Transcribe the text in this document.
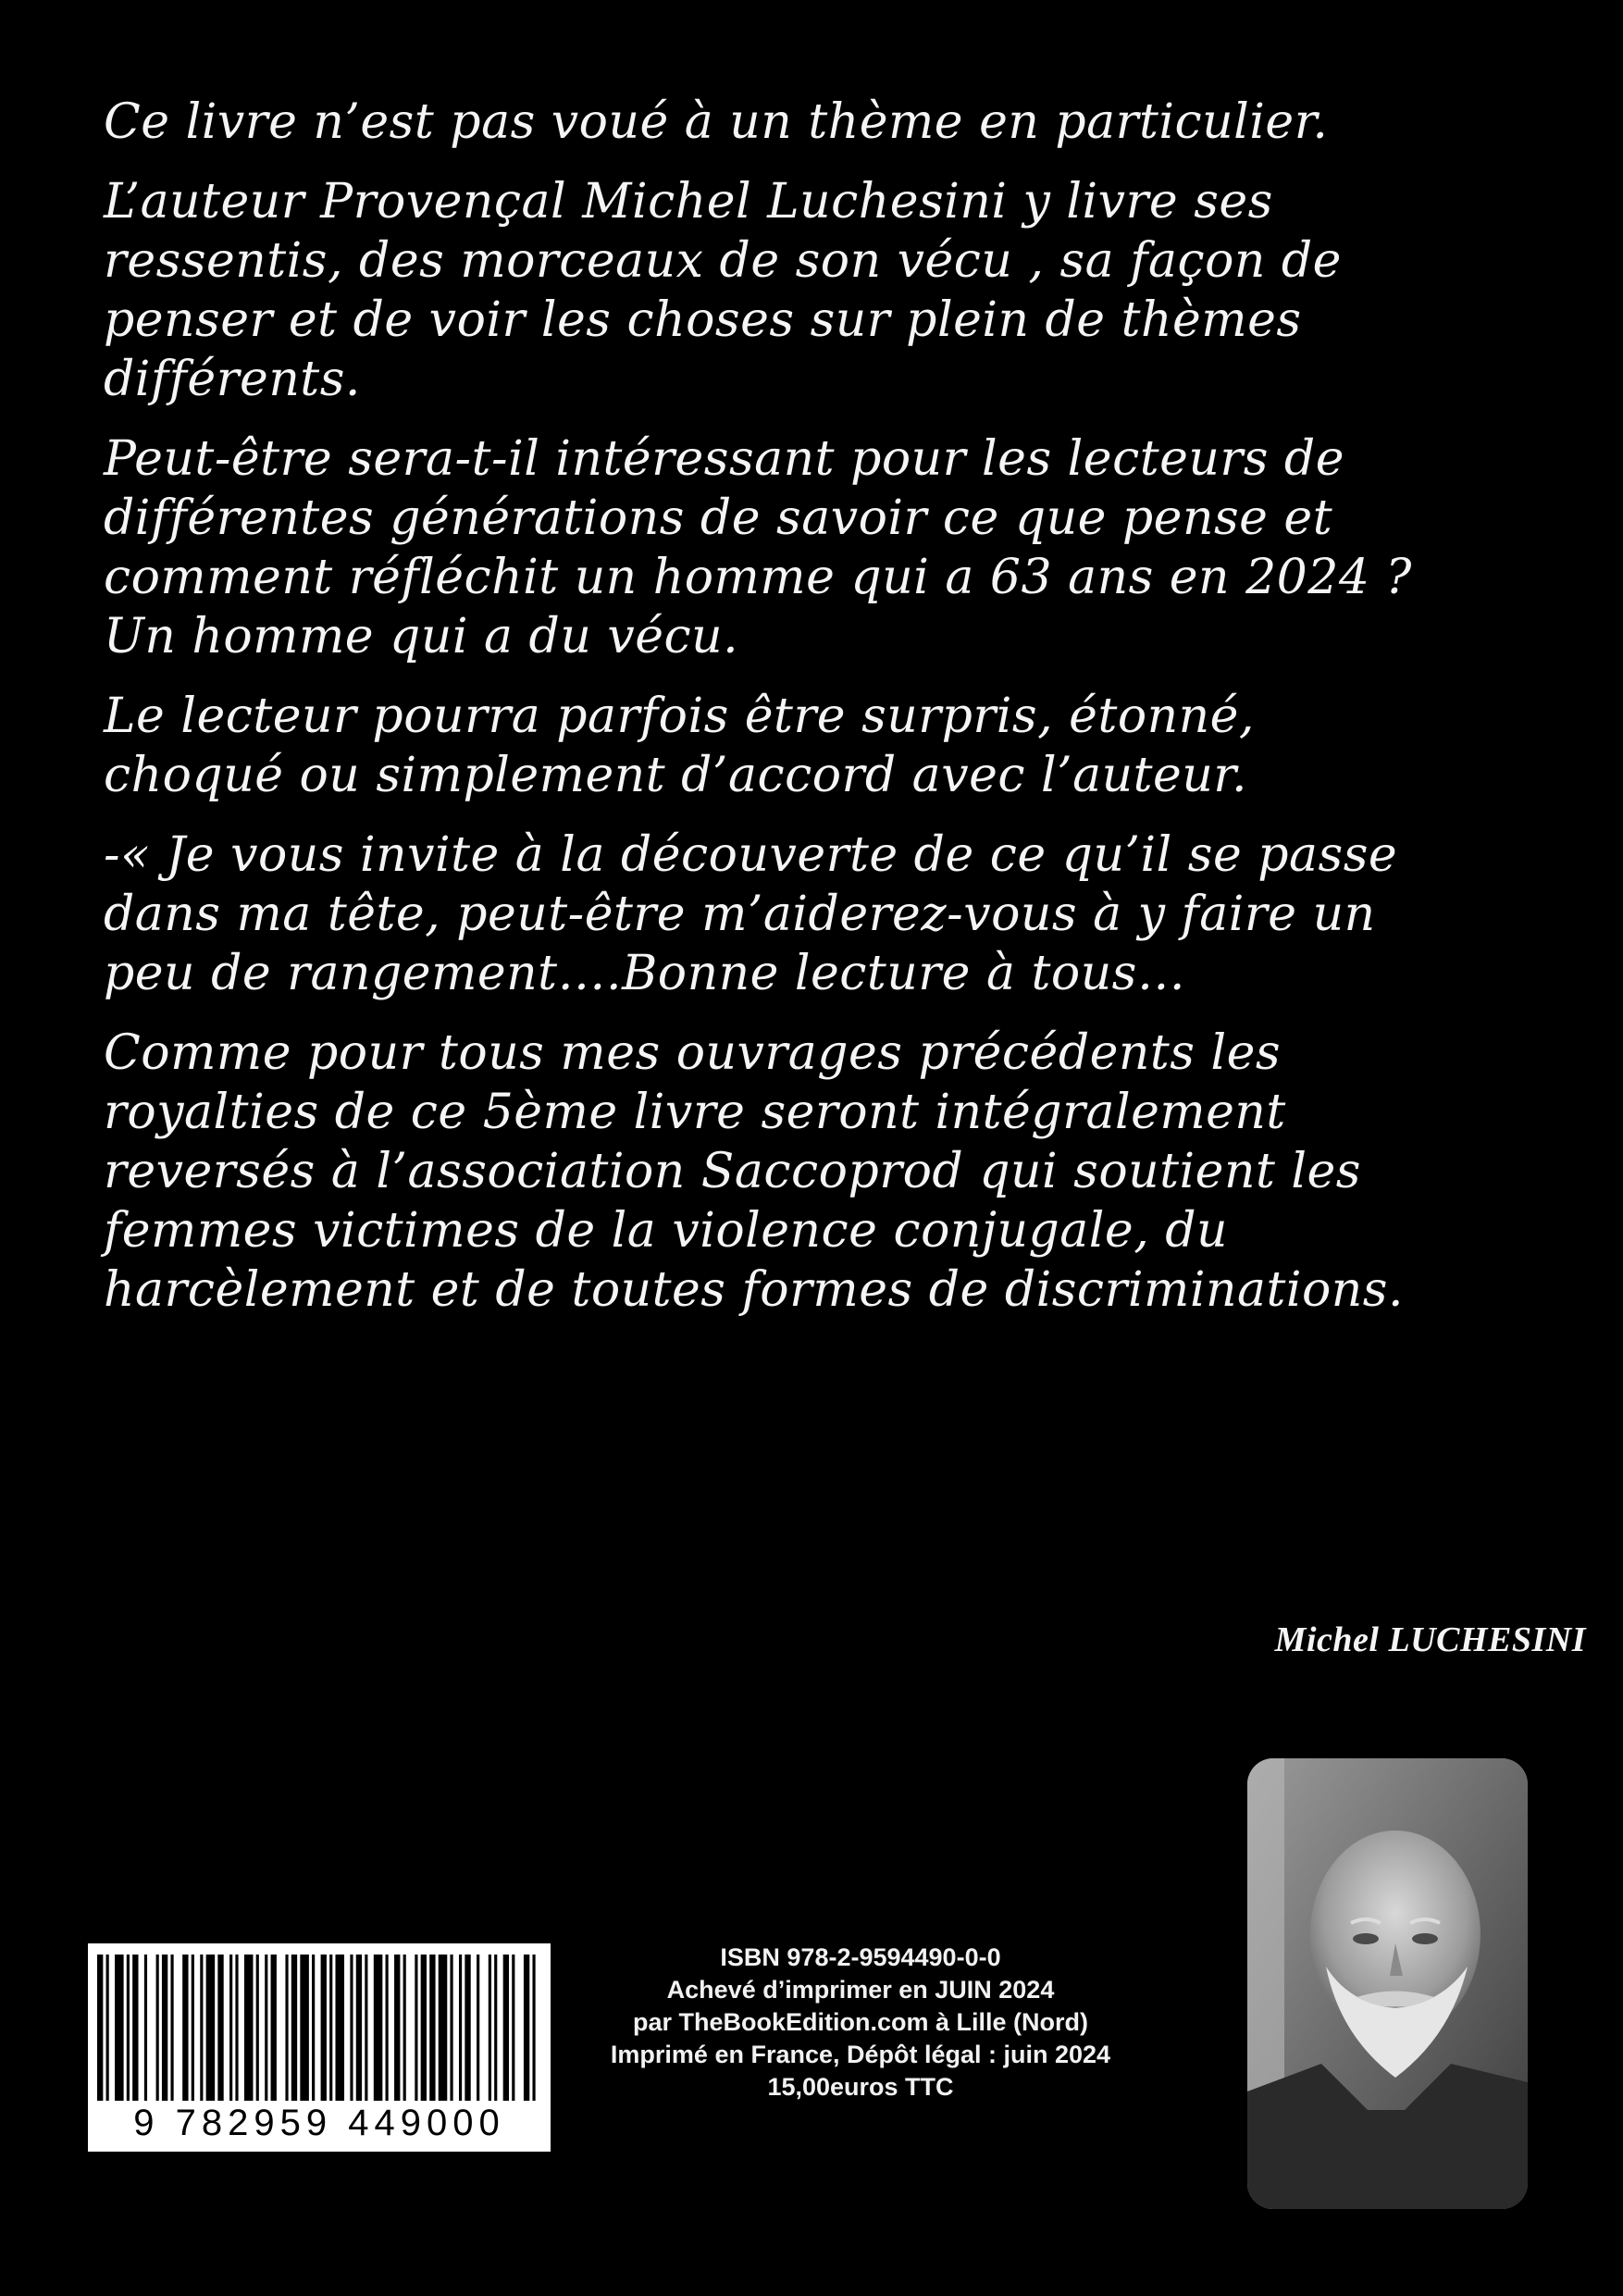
Ce livre n’est pas voué à un thème en particulier.

L’auteur Provençal Michel Luchesini y livre ses ressentis, des morceaux de son vécu , sa façon de penser et de voir les choses sur plein de thèmes différents.

Peut-être sera-t-il intéressant pour les lecteurs de différentes générations de savoir ce que pense et comment réfléchit un homme qui a 63 ans en 2024 ? Un homme qui a du vécu.

Le lecteur pourra parfois être surpris, étonné, choqué ou simplement d’accord avec l’auteur.

-« Je vous invite à la découverte de ce qu’il se passe dans ma tête, peut-être m’aiderez-vous à y faire un peu de rangement….Bonne lecture à tous…

Comme pour tous mes ouvrages précédents les royalties de ce 5ème livre seront intégralement reversés à l’association Saccoprod qui soutient les femmes victimes de la violence conjugale, du harcèlement et de toutes formes de discriminations.

Michel LUCHESINI
9 782959 449000
ISBN 978-2-9594490-0-0
Achevé d’imprimer en JUIN 2024
par TheBookEdition.com à Lille (Nord)
Imprimé en France, Dépôt légal : juin 2024
15,00euros TTC
